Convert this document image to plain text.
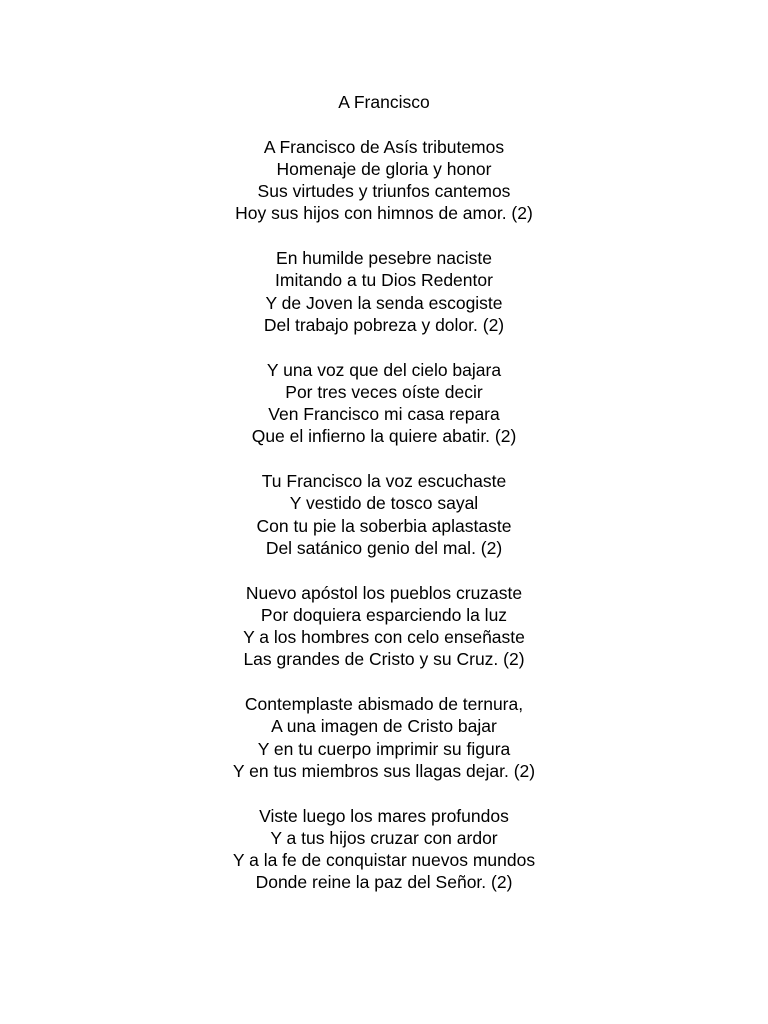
A Francisco
A Francisco de Asís tributemos
Homenaje de gloria y honor
Sus virtudes y triunfos cantemos
Hoy sus hijos con himnos de amor. (2)
En humilde pesebre naciste
Imitando a tu Dios Redentor
Y de Joven la senda escogiste
Del trabajo pobreza y dolor. (2)
Y una voz que del cielo bajara
Por tres veces oíste decir
Ven Francisco mi casa repara
Que el infierno la quiere abatir. (2)
Tu Francisco la voz escuchaste
Y vestido de tosco sayal
Con tu pie la soberbia aplastaste
Del satánico genio del mal. (2)
Nuevo apóstol los pueblos cruzaste
Por doquiera esparciendo la luz
Y a los hombres con celo enseñaste
Las grandes de Cristo y su Cruz. (2)
Contemplaste abismado de ternura,
A una imagen de Cristo bajar
Y en tu cuerpo imprimir su figura
Y en tus miembros sus llagas dejar. (2)
Viste luego los mares profundos
Y a tus hijos cruzar con ardor
Y a la fe de conquistar nuevos mundos
Donde reine la paz del Señor. (2)
